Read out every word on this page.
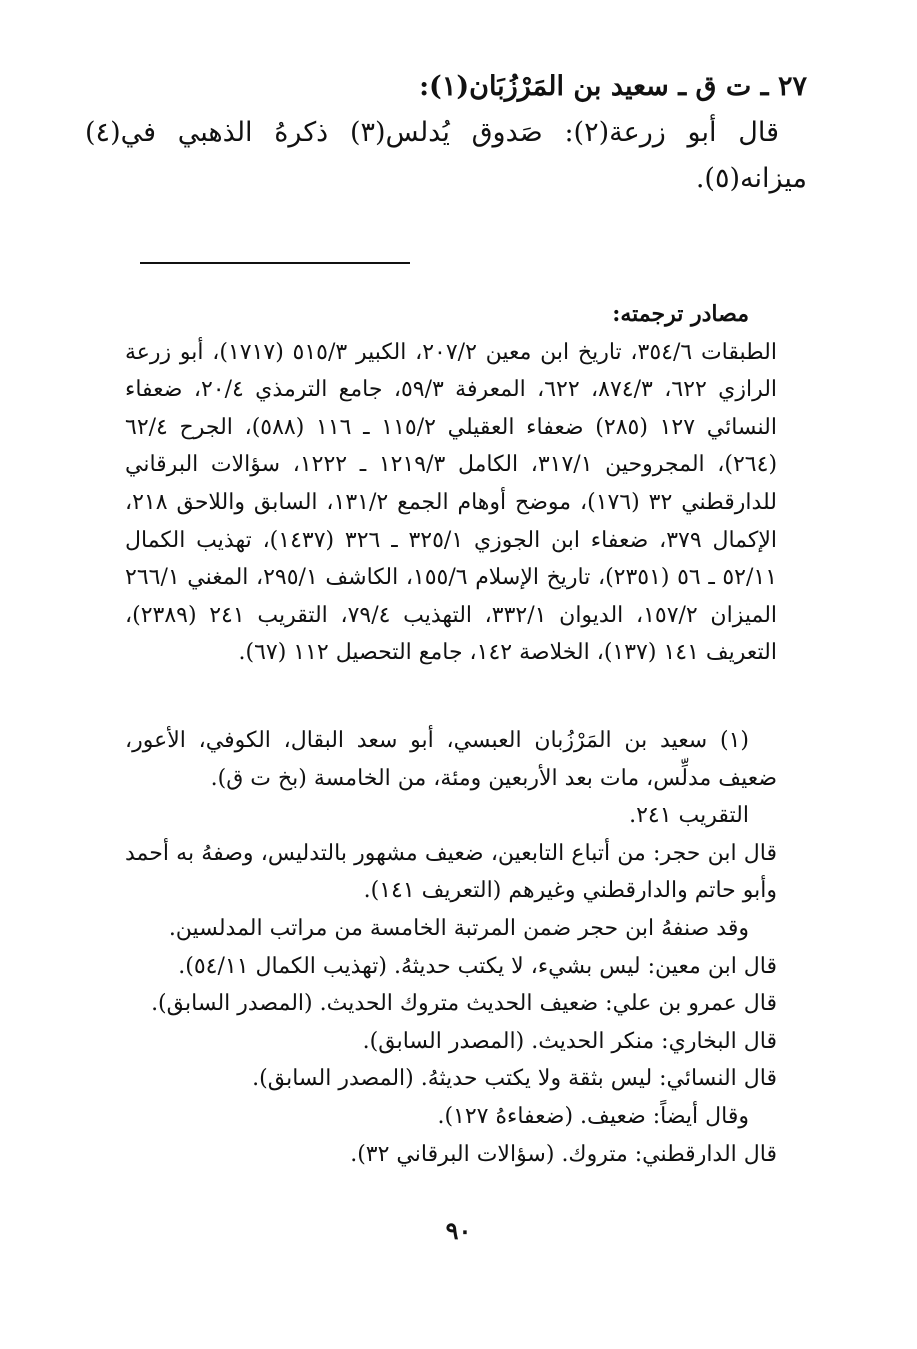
٢٧ ـ ت ق ـ سعيد بن المَرْزُبَان(١):

قال أبو زرعة(٢): صَدوق يُدلس(٣) ذكرهُ الذهبي في(٤) ميزانه(٥).

مصادر ترجمته:

الطبقات ٣٥٤/٦، تاريخ ابن معين ٢٠٧/٢، الكبير ٥١٥/٣ (١٧١٧)، أبو زرعة الرازي ٦٢٢، ٨٧٤/٣، ٦٢٢، المعرفة ٥٩/٣، جامع الترمذي ٢٠/٤، ضعفاء النسائي ١٢٧ (٢٨٥) ضعفاء العقيلي ١١٥/٢ ـ ١١٦ (٥٨٨)، الجرح ٦٢/٤ (٢٦٤)، المجروحين ٣١٧/١، الكامل ١٢١٩/٣ ـ ١٢٢٢، سؤالات البرقاني للدارقطني ٣٢ (١٧٦)، موضح أوهام الجمع ١٣١/٢، السابق واللاحق ٢١٨، الإكمال ٣٧٩، ضعفاء ابن الجوزي ٣٢٥/١ ـ ٣٢٦ (١٤٣٧)، تهذيب الكمال ٥٢/١١ ـ ٥٦ (٢٣٥١)، تاريخ الإسلام ١٥٥/٦، الكاشف ٢٩٥/١، المغني ٢٦٦/١ الميزان ١٥٧/٢، الديوان ٣٣٢/١، التهذيب ٧٩/٤، التقريب ٢٤١ (٢٣٨٩)، التعريف ١٤١ (١٣٧)، الخلاصة ١٤٢، جامع التحصيل ١١٢ (٦٧).

(١) سعيد بن المَرْزُبان العبسي، أبو سعد البقال، الكوفي، الأعور، ضعيف مدلِّس، مات بعد الأربعين ومئة، من الخامسة (بخ ت ق).

التقريب ٢٤١.

قال ابن حجر: من أتباع التابعين، ضعيف مشهور بالتدليس، وصفهُ به أحمد وأبو حاتم والدارقطني وغيرهم (التعريف ١٤١).

وقد صنفهُ ابن حجر ضمن المرتبة الخامسة من مراتب المدلسين.

قال ابن معين: ليس بشيء، لا يكتب حديثهُ. (تهذيب الكمال ٥٤/١١).

قال عمرو بن علي: ضعيف الحديث متروك الحديث. (المصدر السابق).

قال البخاري: منكر الحديث. (المصدر السابق).

قال النسائي: ليس بثقة ولا يكتب حديثهُ. (المصدر السابق).

وقال أيضاً: ضعيف. (ضعفاءهُ ١٢٧).

قال الدارقطني: متروك. (سؤالات البرقاني ٣٢).

٩٠
